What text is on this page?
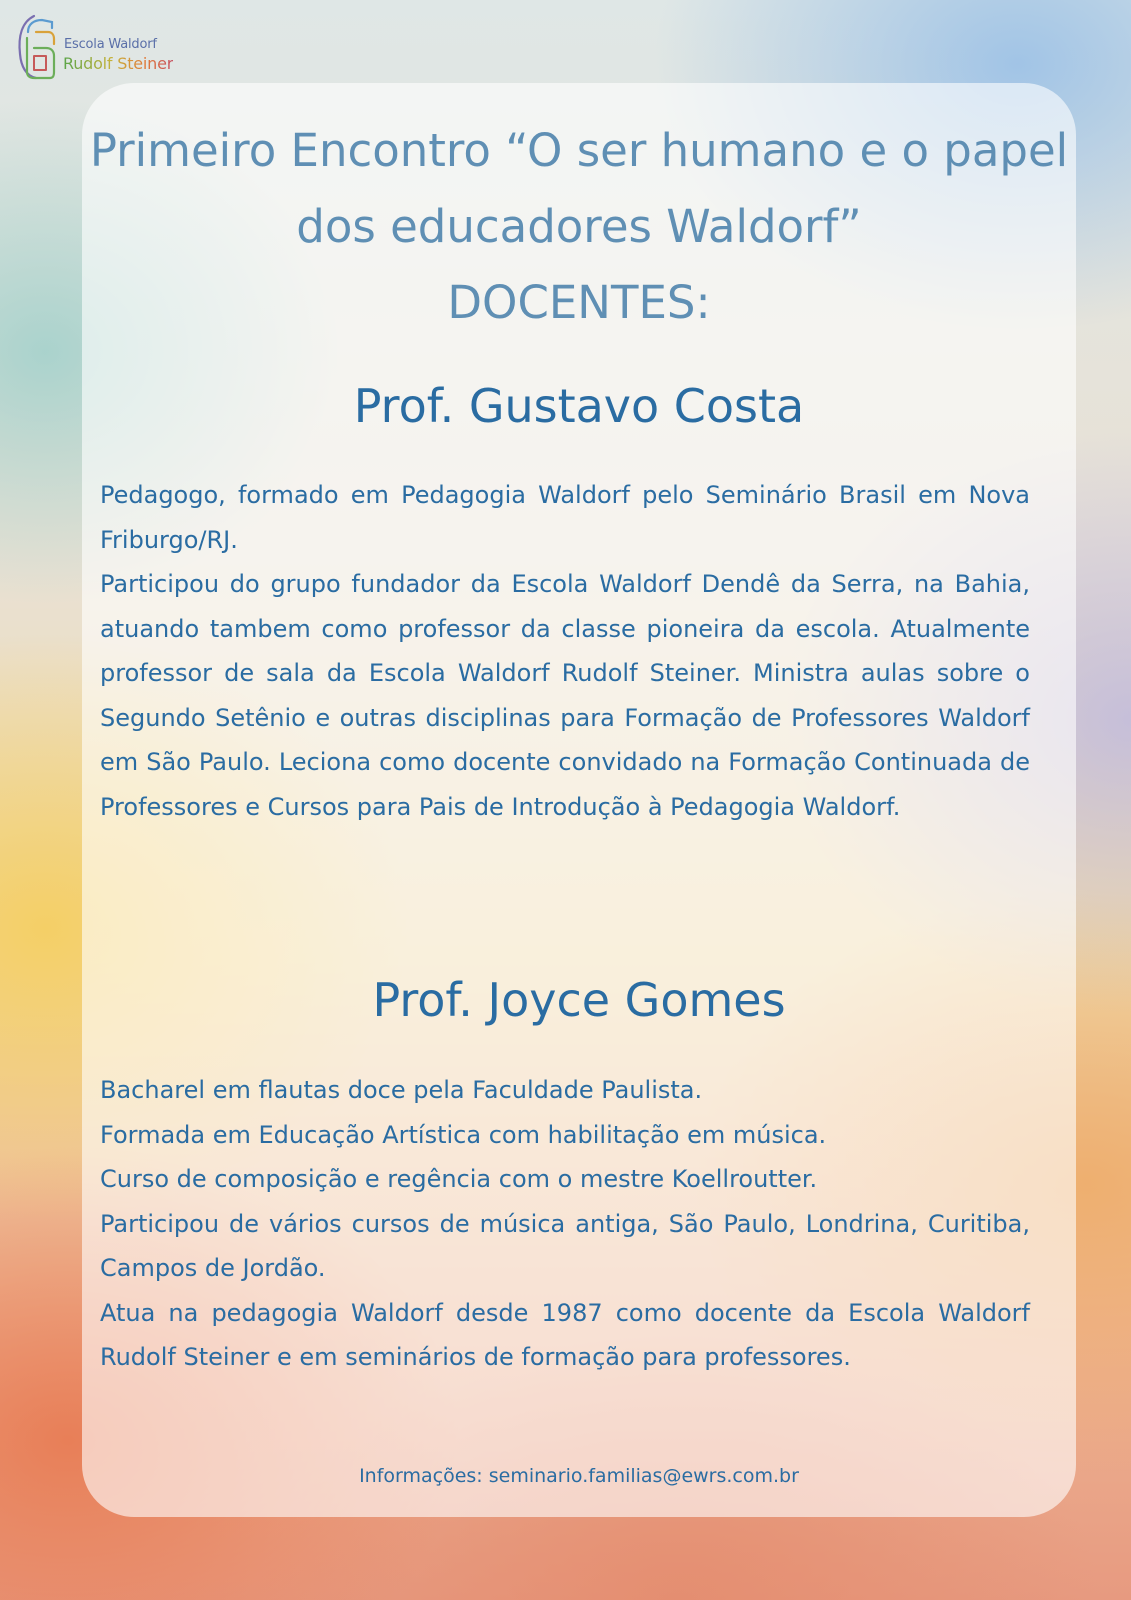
Escola Waldorf
Rudolf Steiner
Primeiro Encontro “O ser humano e o papel dos educadores Waldorf”
DOCENTES:
Prof. Gustavo Costa

Pedagogo, formado em Pedagogia Waldorf pelo Seminário Brasil em Nova Friburgo/RJ.

Participou do grupo fundador da Escola Waldorf Dendê da Serra, na Bahia, atuando tambem como professor da classe pioneira da escola. Atualmente professor de sala da Escola Waldorf Rudolf Steiner. Ministra aulas sobre o Segundo Setênio e outras disciplinas para Formação de Professores Waldorf em São Paulo. Leciona como docente convidado na Formação Continuada de Professores e Cursos para Pais de Introdução à Pedagogia Waldorf.

Prof. Joyce Gomes

Bacharel em flautas doce pela Faculdade Paulista.

Formada em Educação Artística com habilitação em música.

Curso de composição e regência com o mestre Koellroutter.

Participou de vários cursos de música antiga, São Paulo, Londrina, Curitiba, Campos de Jordão.

Atua na pedagogia Waldorf desde 1987 como docente da Escola Waldorf Rudolf Steiner e em seminários de formação para professores.

Informações: seminario.familias@ewrs.com.br
